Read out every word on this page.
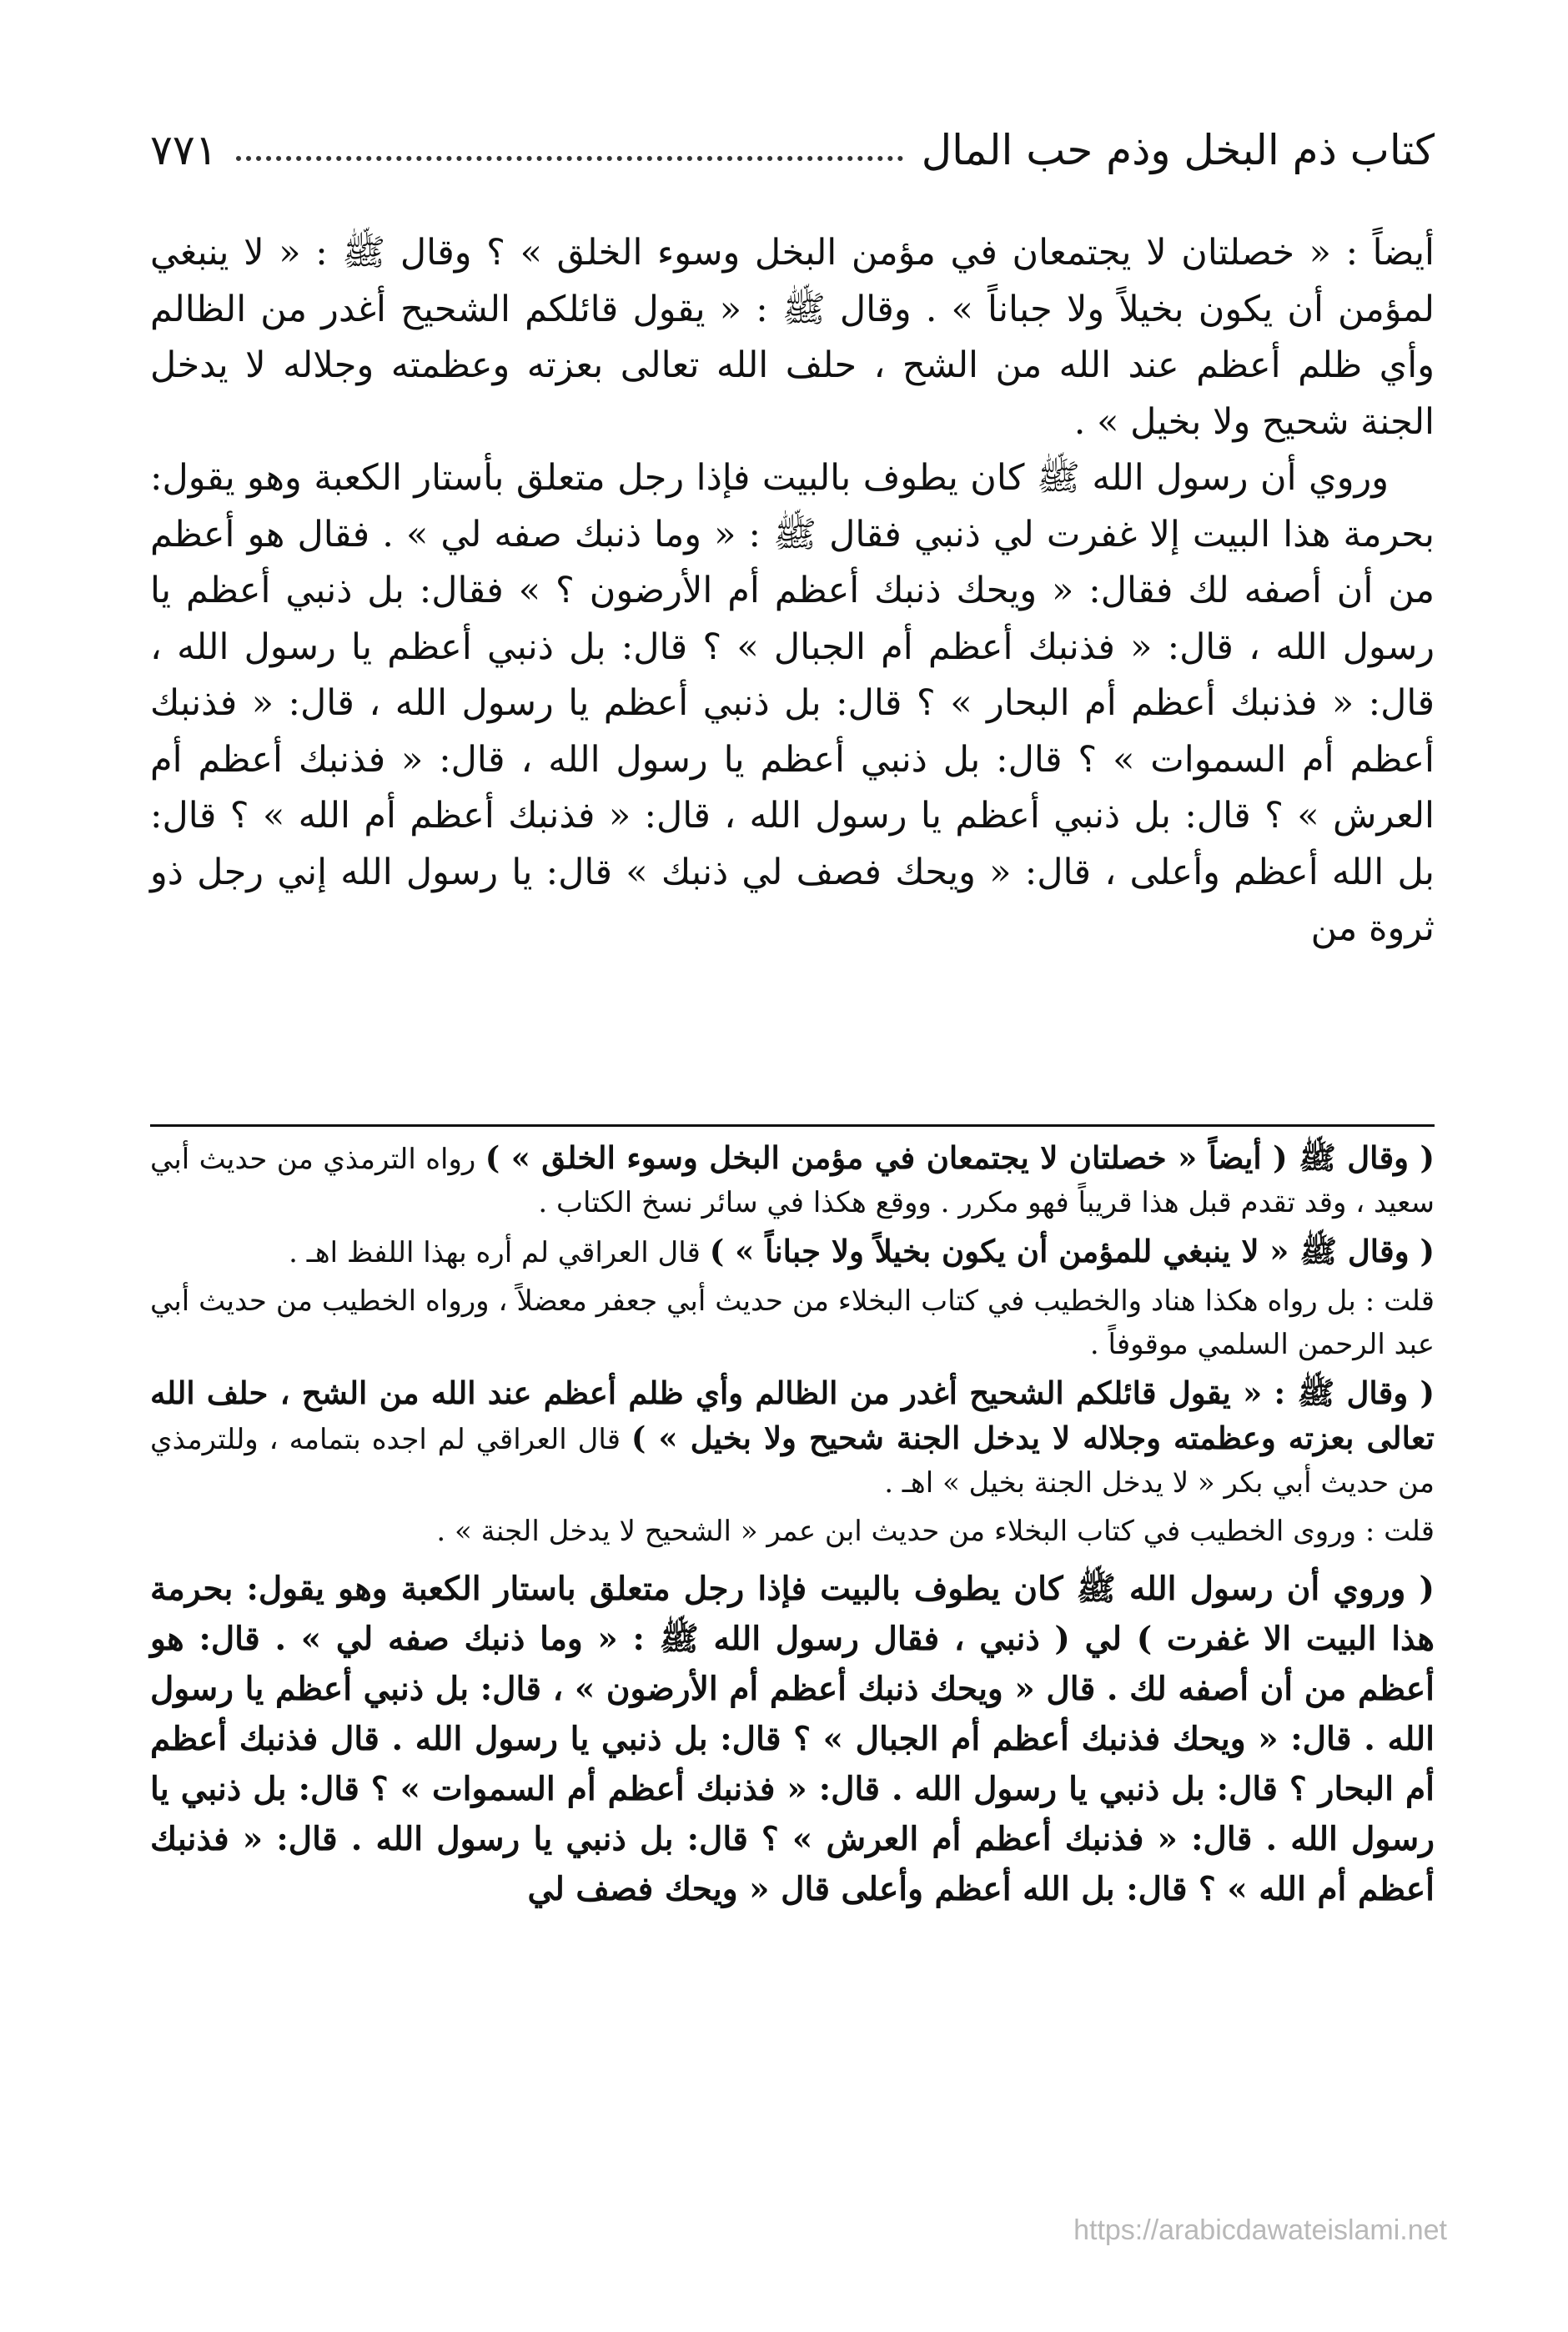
كتاب ذم البخل وذم حب المال
٧٧١

أيضاً : « خصلتان لا يجتمعان في مؤمن البخل وسوء الخلق » ؟ وقال ﷺ : « لا ينبغي لمؤمن أن يكون بخيلاً ولا جباناً » . وقال ﷺ : « يقول قائلكم الشحيح أغدر من الظالم وأي ظلم أعظم عند الله من الشح ، حلف الله تعالى بعزته وعظمته وجلاله لا يدخل الجنة شحيح ولا بخيل » .

وروي أن رسول الله ﷺ كان يطوف بالبيت فإذا رجل متعلق بأستار الكعبة وهو يقول: بحرمة هذا البيت إلا غفرت لي ذنبي فقال ﷺ : « وما ذنبك صفه لي » . فقال هو أعظم من أن أصفه لك فقال: « ويحك ذنبك أعظم أم الأرضون ؟ » فقال: بل ذنبي أعظم يا رسول الله ، قال: « فذنبك أعظم أم الجبال » ؟ قال: بل ذنبي أعظم يا رسول الله ، قال: « فذنبك أعظم أم البحار » ؟ قال: بل ذنبي أعظم يا رسول الله ، قال: « فذنبك أعظم أم السموات » ؟ قال: بل ذنبي أعظم يا رسول الله ، قال: « فذنبك أعظم أم العرش » ؟ قال: بل ذنبي أعظم يا رسول الله ، قال: « فذنبك أعظم أم الله » ؟ قال: بل الله أعظم وأعلى ، قال: « ويحك فصف لي ذنبك » قال: يا رسول الله إني رجل ذو ثروة من

( وقال ﷺ ( أيضاً « خصلتان لا يجتمعان في مؤمن البخل وسوء الخلق » ) رواه الترمذي من حديث أبي سعيد ، وقد تقدم قبل هذا قريباً فهو مكرر . ووقع هكذا في سائر نسخ الكتاب .

( وقال ﷺ « لا ينبغي للمؤمن أن يكون بخيلاً ولا جباناً » ) قال العراقي لم أره بهذا اللفظ اهـ .

قلت : بل رواه هكذا هناد والخطيب في كتاب البخلاء من حديث أبي جعفر معضلاً ، ورواه الخطيب من حديث أبي عبد الرحمن السلمي موقوفاً .

( وقال ﷺ : « يقول قائلكم الشحيح أغدر من الظالم وأي ظلم أعظم عند الله من الشح ، حلف الله تعالى بعزته وعظمته وجلاله لا يدخل الجنة شحيح ولا بخيل » ) قال العراقي لم اجده بتمامه ، وللترمذي من حديث أبي بكر « لا يدخل الجنة بخيل » اهـ .

قلت : وروى الخطيب في كتاب البخلاء من حديث ابن عمر « الشحيح لا يدخل الجنة » .

( وروي أن رسول الله ﷺ كان يطوف بالبيت فإذا رجل متعلق باستار الكعبة وهو يقول: بحرمة هذا البيت الا غفرت ) لي ( ذنبي ، فقال رسول الله ﷺ : « وما ذنبك صفه لي » . قال: هو أعظم من أن أصفه لك . قال « ويحك ذنبك أعظم أم الأرضون » ، قال: بل ذنبي أعظم يا رسول الله . قال: « ويحك فذنبك أعظم أم الجبال » ؟ قال: بل ذنبي يا رسول الله . قال فذنبك أعظم أم البحار ؟ قال: بل ذنبي يا رسول الله . قال: « فذنبك أعظم أم السموات » ؟ قال: بل ذنبي يا رسول الله . قال: « فذنبك أعظم أم العرش » ؟ قال: بل ذنبي يا رسول الله . قال: « فذنبك أعظم أم الله » ؟ قال: بل الله أعظم وأعلى قال « ويحك فصف لي

https://arabicdawateislami.net
